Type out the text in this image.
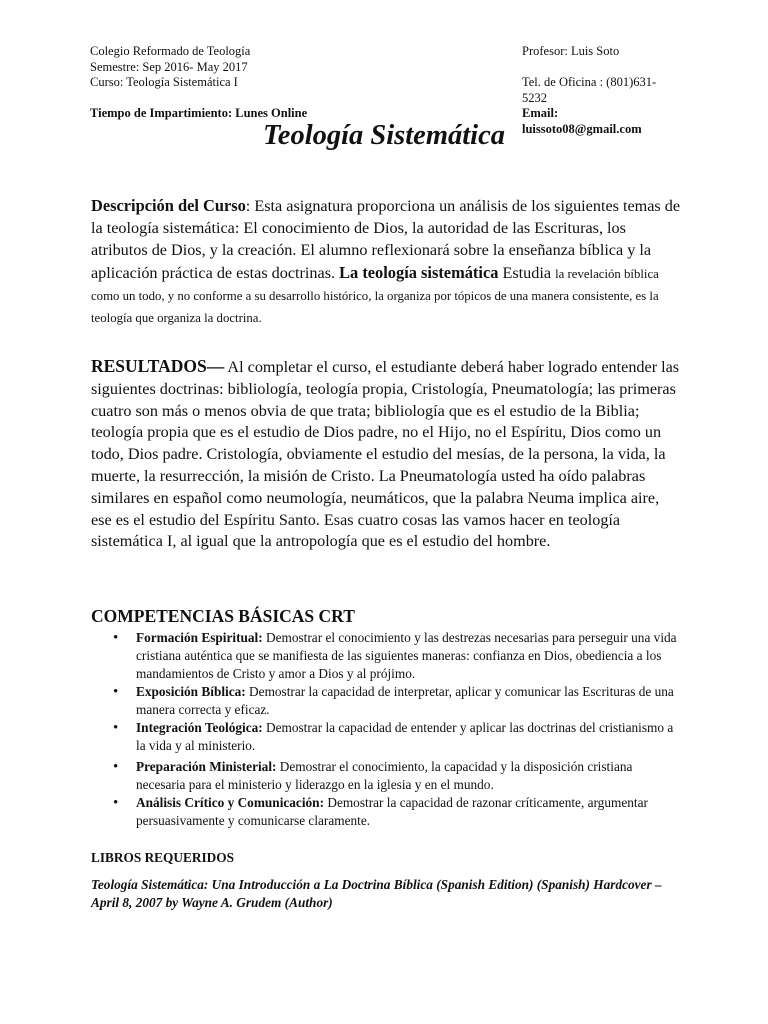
Colegio Reformado de Teología	Profesor: Luis Soto
Semestre: Sep 2016- May 2017
Curso: Teología Sistemática I	Tel. de Oficina : (801)631-5232
Tiempo de Impartimiento: Lunes Online	Email: luissoto08@gmail.com
Teología Sistemática
Descripción del Curso: Esta asignatura proporciona un análisis de los siguientes temas de la teología sistemática: El conocimiento de Dios, la autoridad de las Escrituras, los atributos de Dios, y la creación. El alumno reflexionará sobre la enseñanza bíblica y la aplicación práctica de estas doctrinas. La teología sistemática Estudia la revelación bíblica como un todo, y no conforme a su desarrollo histórico, la organiza por tópicos de una manera consistente, es la teología que organiza la doctrina.
RESULTADOS— Al completar el curso, el estudiante deberá haber logrado entender las siguientes doctrinas: bibliología, teología propia, Cristología, Pneumatología; las primeras cuatro son más o menos obvia de que trata; bibliología que es el estudio de la Biblia; teología propia que es el estudio de Dios padre, no el Hijo, no el Espíritu, Dios como un todo, Dios padre. Cristología, obviamente el estudio del mesías, de la persona, la vida, la muerte, la resurrección, la misión de Cristo. La Pneumatología usted ha oído palabras similares en español como neumología, neumáticos, que la palabra Neuma implica aire, ese es el estudio del Espíritu Santo. Esas cuatro cosas las vamos hacer en teología sistemática I, al igual que la antropología que es el estudio del hombre.
COMPETENCIAS BÁSICAS CRT
• Formación Espiritual: Demostrar el conocimiento y las destrezas necesarias para perseguir una vida cristiana auténtica que se manifiesta de las siguientes maneras: confianza en Dios, obediencia a los mandamientos de Cristo y amor a Dios y al prójimo.
• Exposición Bíblica: Demostrar la capacidad de interpretar, aplicar y comunicar las Escrituras de una manera correcta y eficaz.
• Integración Teológica: Demostrar la capacidad de entender y aplicar las doctrinas del cristianismo a la vida y al ministerio.
• Preparación Ministerial: Demostrar el conocimiento, la capacidad y la disposición cristiana necesaria para el ministerio y liderazgo en la iglesia y en el mundo.
• Análisis Crítico y Comunicación: Demostrar la capacidad de razonar críticamente, argumentar persuasivamente y comunicarse claramente.
LIBROS REQUERIDOS
Teología Sistemática: Una Introducción a La Doctrina Bíblica (Spanish Edition) (Spanish) Hardcover – April 8, 2007 by Wayne A. Grudem (Author)
